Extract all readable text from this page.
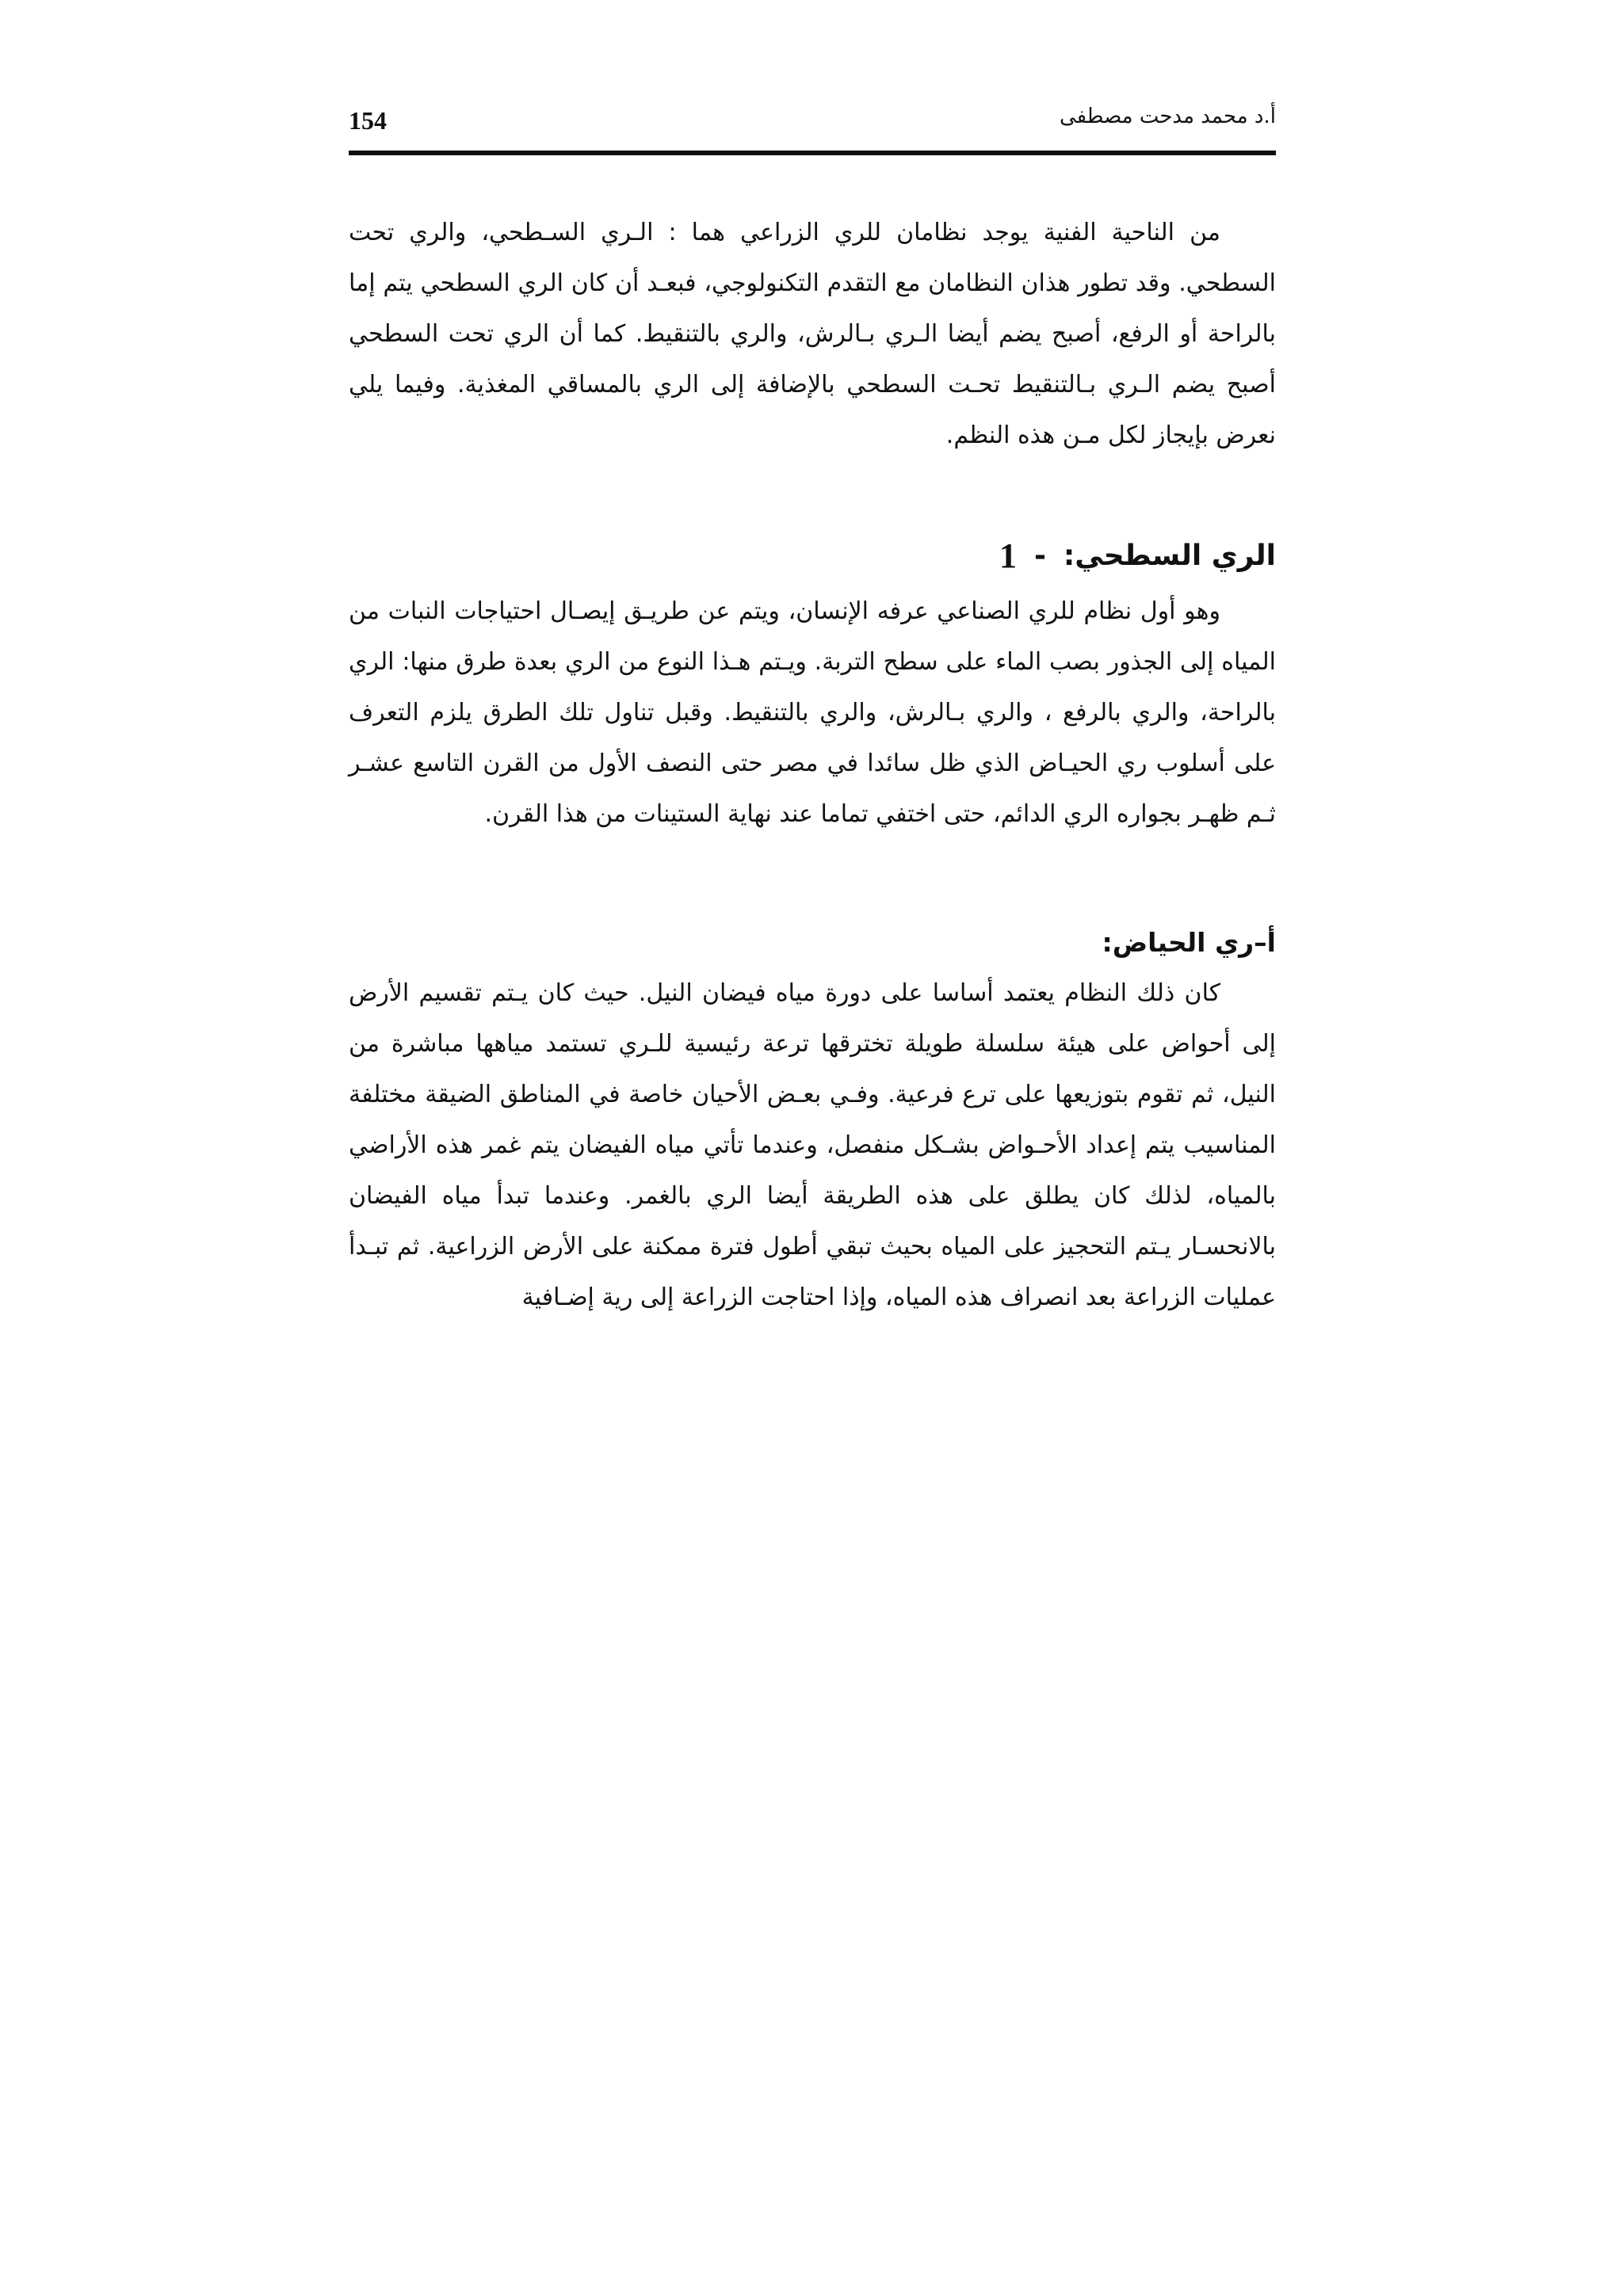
154	أ.د محمد مدحت مصطفى

من الناحية الفنية يوجد نظامان للري الزراعي هما : الـري السـطحي، والري تحت السطحي. وقد تطور هذان النظامان مع التقدم التكنولوجي، فبعـد أن كان الري السطحي يتم إما بالراحة أو الرفع، أصبح يضم أيضا الـري بـالرش، والري بالتنقيط. كما أن الري تحت السطحي أصبح يضم الـري بـالتنقيط تحـت السطحي بالإضافة إلى الري بالمساقي المغذية. وفيما يلي نعرض بإيجاز لكل مـن هذه النظم.

الري السطحي:
-
1

وهو أول نظام للري الصناعي عرفه الإنسان، ويتم عن طريـق إيصـال احتياجات النبات من المياه إلى الجذور بصب الماء على سطح التربة. ويـتم هـذا النوع من الري بعدة طرق منها: الري بالراحة، والري بالرفع ، والري بـالرش، والري بالتنقيط. وقبل تناول تلك الطرق يلزم التعرف على أسلوب ري الحيـاض الذي ظل سائدا في مصر حتى النصف الأول من القرن التاسع عشـر ثـم ظهـر بجواره الري الدائم، حتى اختفي تماما عند نهاية الستينات من هذا القرن.

أ–ري الحياض:

كان ذلك النظام يعتمد أساسا على دورة مياه فيضان النيل. حيث كان يـتم تقسيم الأرض إلى أحواض على هيئة سلسلة طويلة تخترقها ترعة رئيسية للـري تستمد مياهها مباشرة من النيل، ثم تقوم بتوزيعها على ترع فرعية. وفـي بعـض الأحيان خاصة في المناطق الضيقة مختلفة المناسيب يتم إعداد الأحـواض بشـكل منفصل، وعندما تأتي مياه الفيضان يتم غمر هذه الأراضي بالمياه، لذلك كان يطلق على هذه الطريقة أيضا الري بالغمر. وعندما تبدأ مياه الفيضان بالانحسـار يـتم التحجيز على المياه بحيث تبقي أطول فترة ممكنة على الأرض الزراعية. ثم تبـدأ عمليات الزراعة بعد انصراف هذه المياه، وإذا احتاجت الزراعة إلى رية إضـافية
